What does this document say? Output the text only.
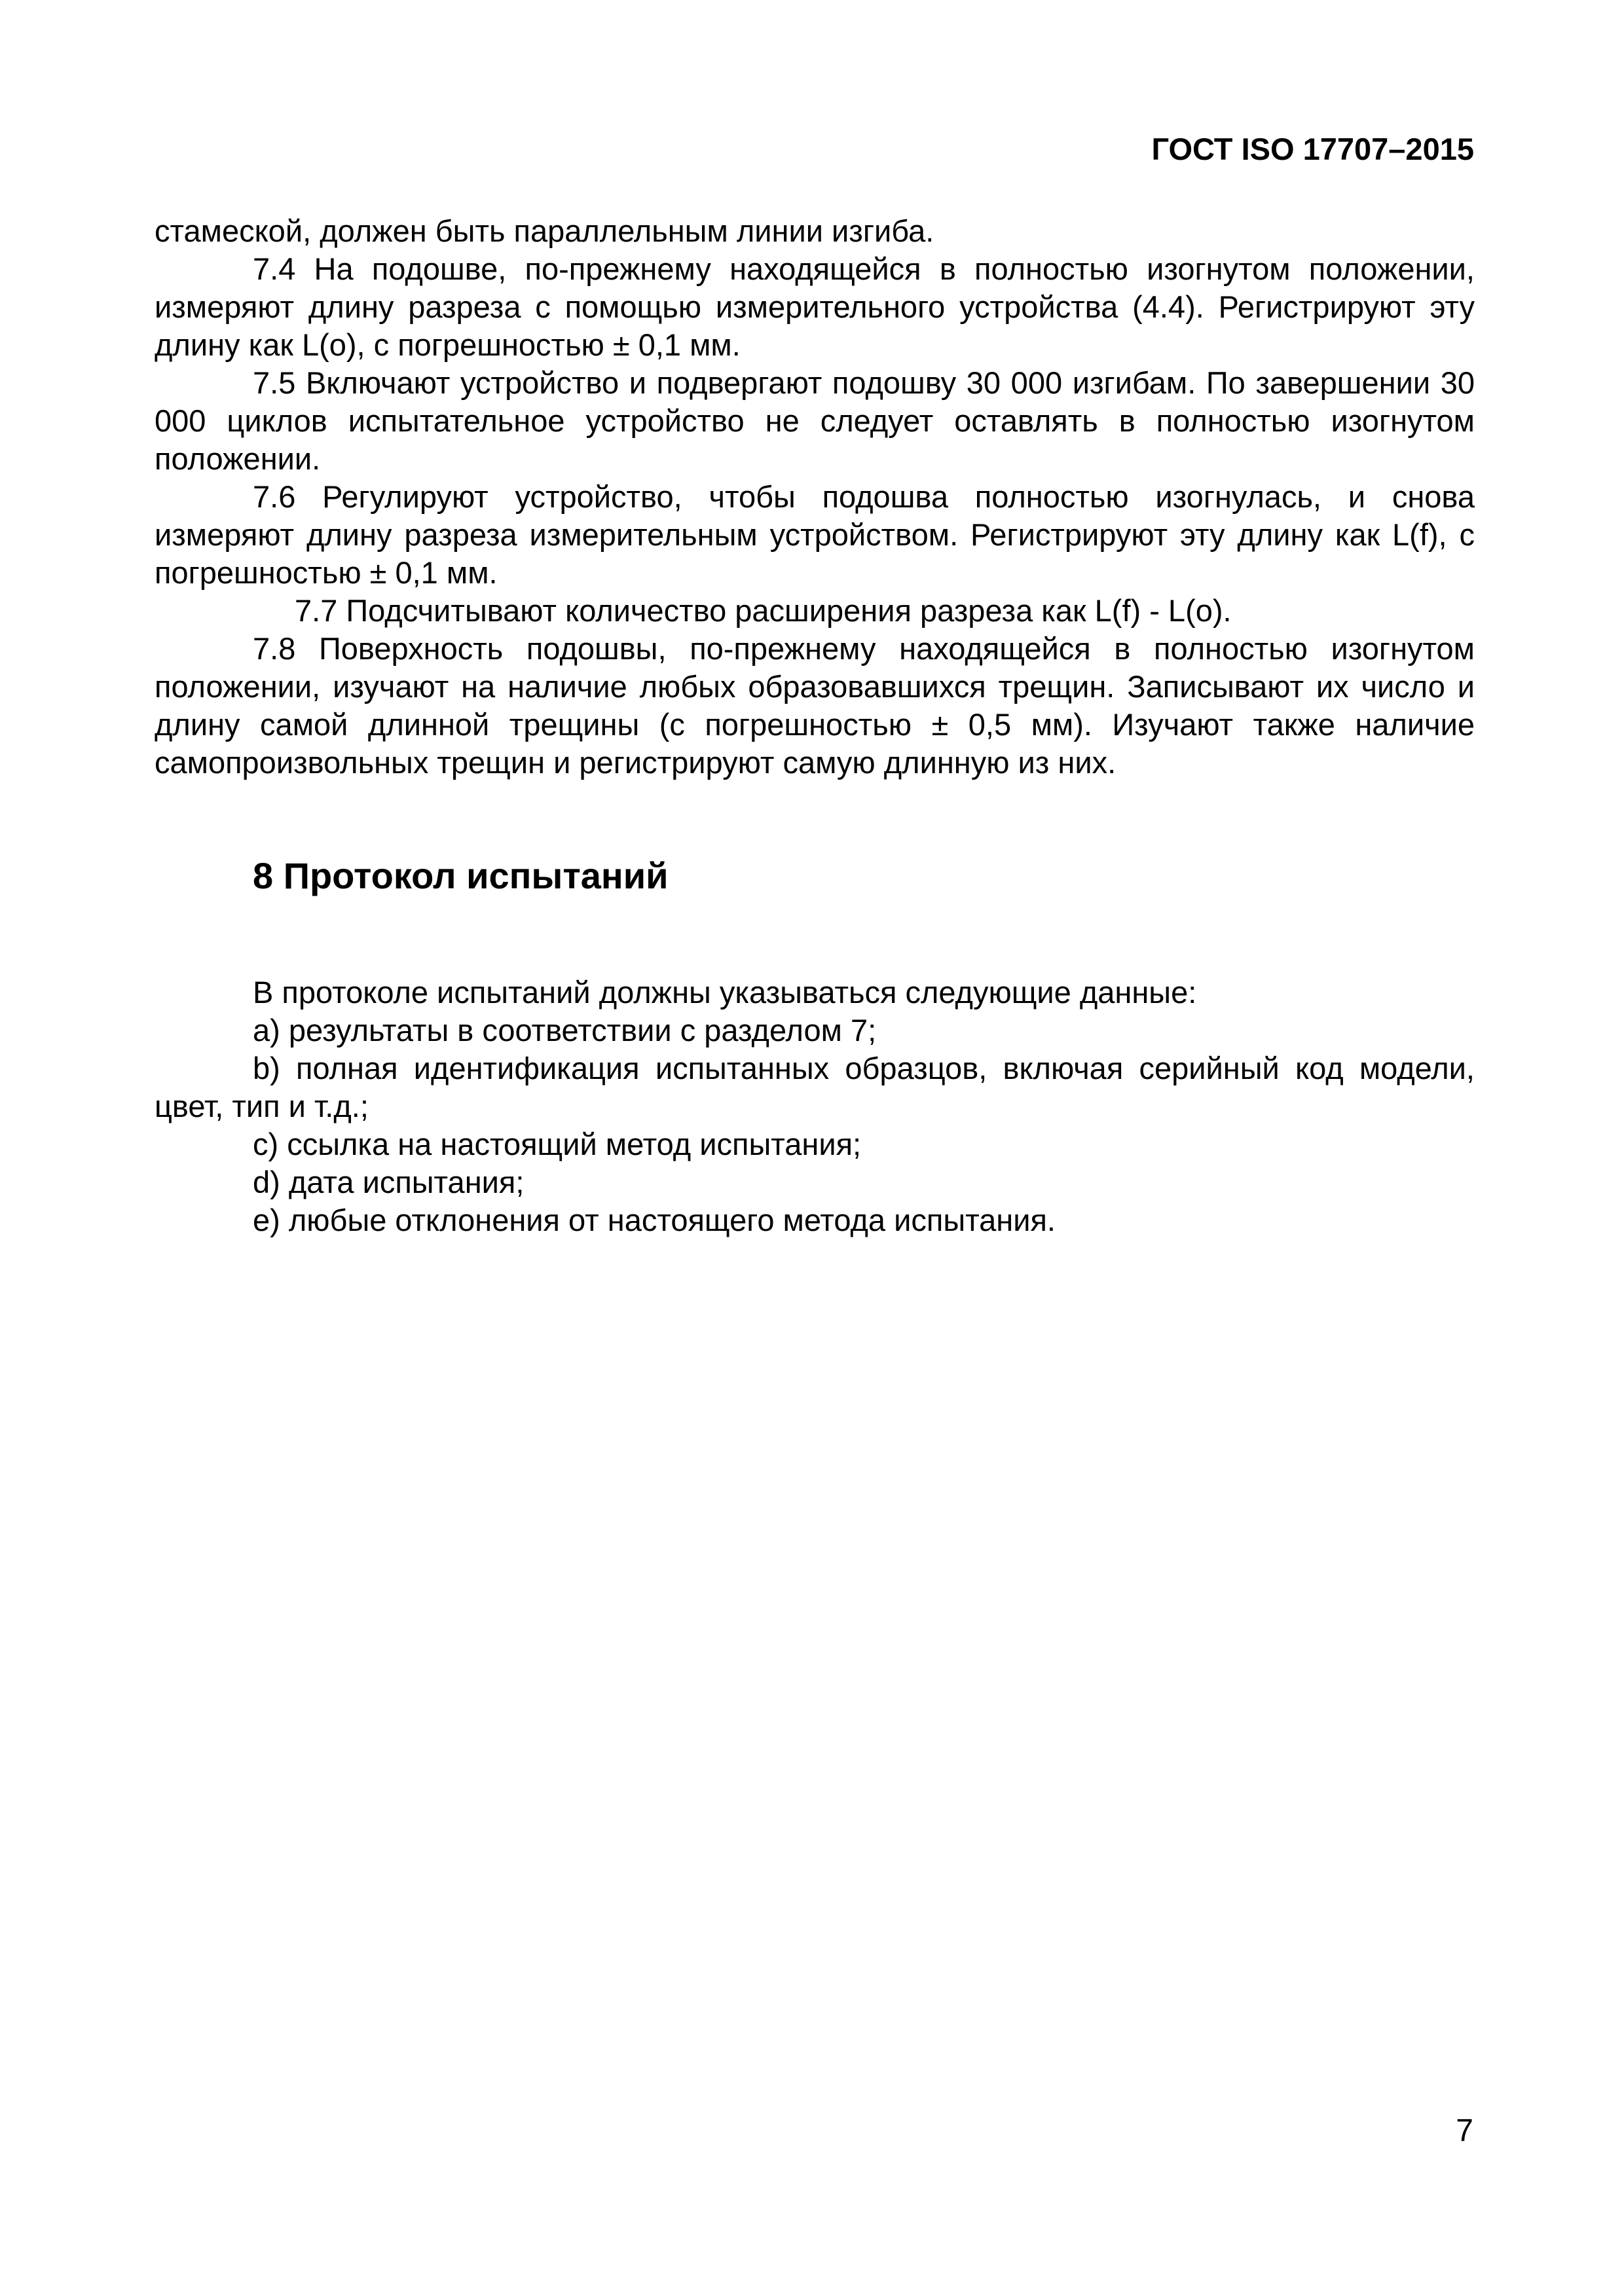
ГОСТ ISO 17707–2015

стамеской, должен быть параллельным линии изгиба.

7.4 На подошве, по-прежнему находящейся в полностью изогнутом положении, измеряют длину разреза с помощью измерительного устройства (4.4). Регистрируют эту длину как L(o), с погрешностью ± 0,1 мм.

7.5 Включают устройство и подвергают подошву 30 000 изгибам. По завершении 30 000 циклов испытательное устройство не следует оставлять в полностью изогнутом положении.

7.6 Регулируют устройство, чтобы подошва полностью изогнулась, и снова измеряют длину разреза измерительным устройством. Регистрируют эту длину как L(f), с погрешностью ± 0,1 мм.

7.7 Подсчитывают количество расширения разреза как L(f) - L(o).

7.8 Поверхность подошвы, по-прежнему находящейся в полностью изогнутом положении, изучают на наличие любых образовавшихся трещин. Записывают их число и длину самой длинной трещины (с погрешностью ± 0,5 мм). Изучают также наличие самопроизвольных трещин и регистрируют самую длинную из них.

8 Протокол испытаний

В протоколе испытаний должны указываться следующие данные:

a) результаты в соответствии с разделом 7;

b) полная идентификация испытанных образцов, включая серийный код модели, цвет, тип и т.д.;

c) ссылка на настоящий метод испытания;

d) дата испытания;

e) любые отклонения от настоящего метода испытания.

7
